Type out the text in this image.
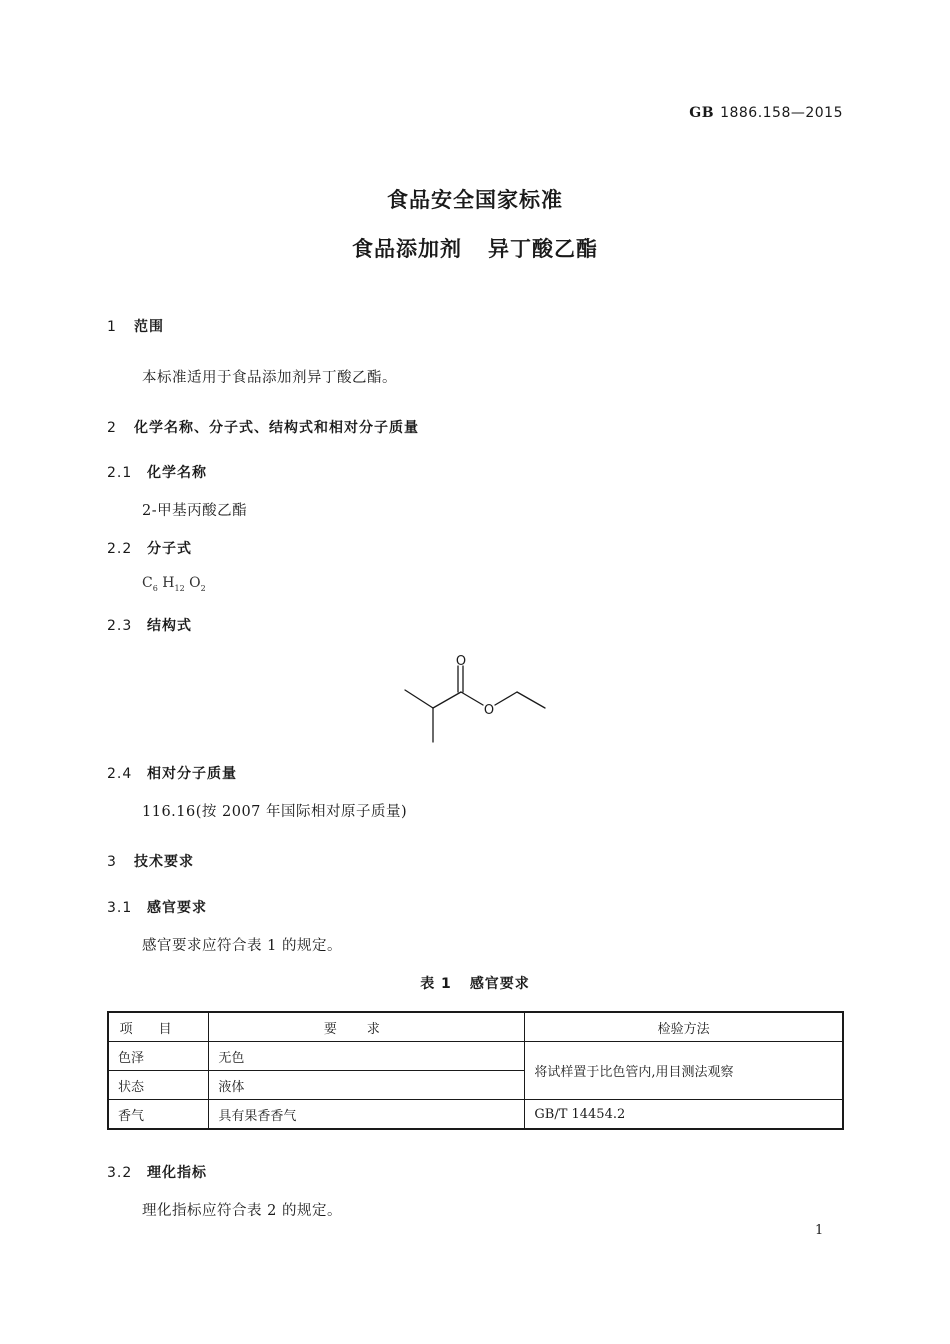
GB 1886.158—2015
食品安全国家标准
食品添加剂 异丁酸乙酯
1 范围
本标准适用于食品添加剂异丁酸乙酯。
2 化学名称、分子式、结构式和相对分子质量
2.1 化学名称
2-甲基丙酸乙酯
2.2 分子式
$C_6$ $H_{12}$ $O_2$
2.3 结构式
O
O
2.4 相对分子质量
116.16(按 2007 年国际相对原子质量)
3 技术要求
3.1 感官要求
感官要求应符合表 1 的规定。
表 1 感官要求
项目	要求	检验方法
色泽	无色	将试样置于比色管内,用目测法观察
状态	液体	
香气	具有果香香气	GB/T 14454.2
3.2 理化指标
理化指标应符合表 2 的规定。
1
